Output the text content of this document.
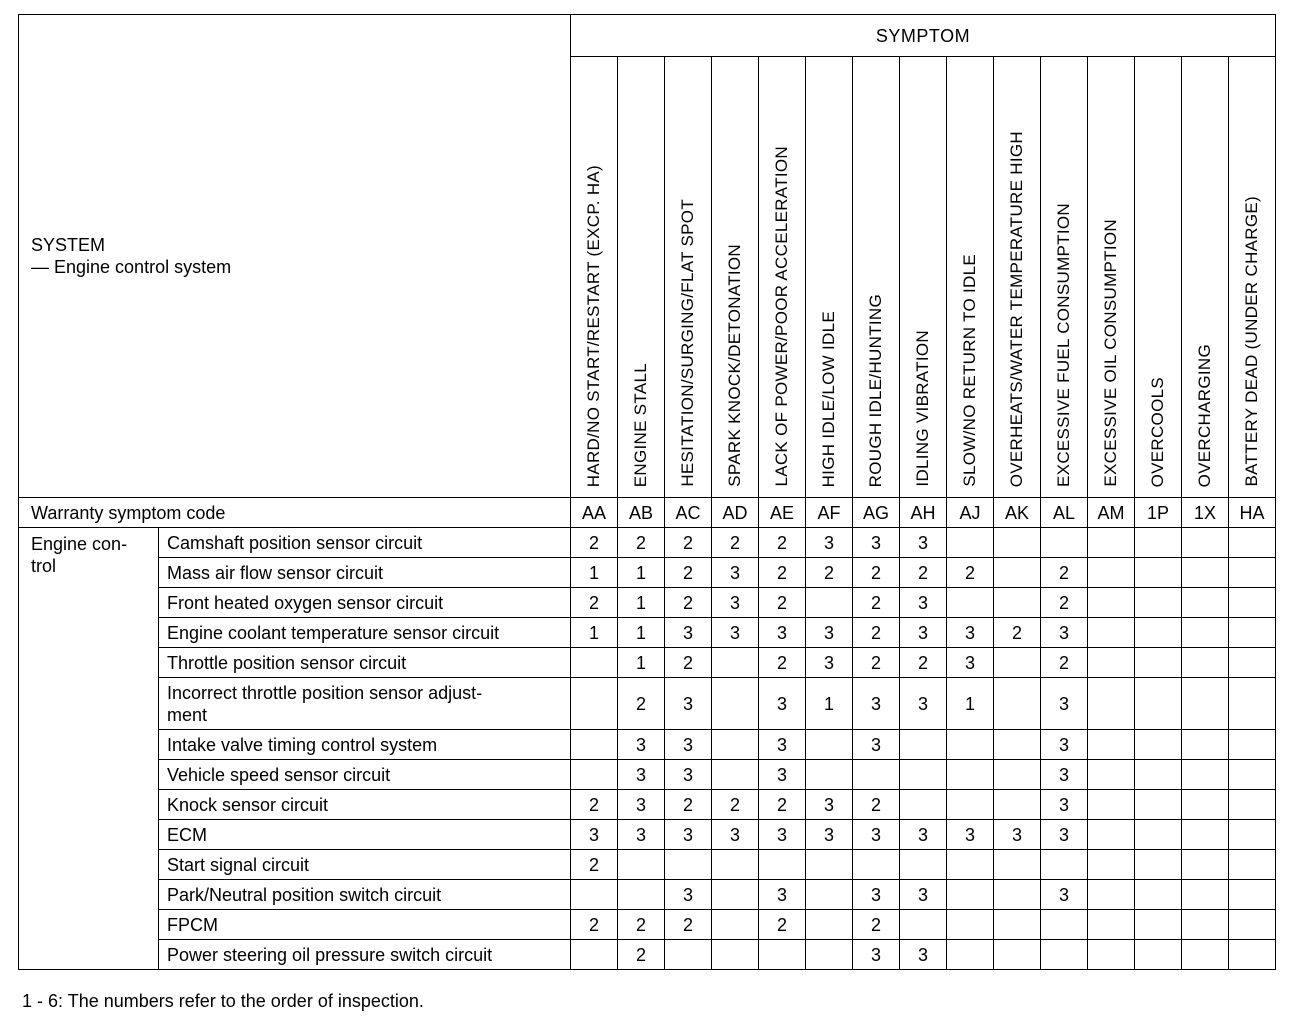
SYSTEM
— Engine control system		SYMPTOM														

		HARD/NO START/RESTART (EXCP. HA)	ENGINE STALL	HESITATION/SURGING/FLAT SPOT	SPARK KNOCK/DETONATION	LACK OF POWER/POOR ACCELERATION	HIGH IDLE/LOW IDLE	ROUGH IDLE/HUNTING	IDLING VIBRATION	SLOW/NO RETURN TO IDLE	OVERHEATS/WATER TEMPERATURE HIGH	EXCESSIVE FUEL CONSUMPTION	EXCESSIVE OIL CONSUMPTION	OVERCOOLS	OVERCHARGING	BATTERY DEAD (UNDER CHARGE)

Warranty symptom code		AA	AB	AC	AD	AE	AF	AG	AH	AJ	AK	AL	AM	1P	1X	HA
Engine con-
trol	Camshaft position sensor circuit	2	2	2	2	2	3	3	3							
	Mass air flow sensor circuit	1	1	2	3	2	2	2	2	2		2				
	Front heated oxygen sensor circuit	2	1	2	3	2		2	3			2				
	Engine coolant temperature sensor circuit	1	1	3	3	3	3	2	3	3	2	3				
	Throttle position sensor circuit		1	2		2	3	2	2	3		2				
	Incorrect throttle position sensor adjust-
ment		2	3		3	1	3	3	1		3				
	Intake valve timing control system		3	3		3		3				3				
	Vehicle speed sensor circuit		3	3		3						3				
	Knock sensor circuit	2	3	2	2	2	3	2				3				
	ECM	3	3	3	3	3	3	3	3	3	3	3				
	Start signal circuit	2														
	Park/Neutral position switch circuit			3		3		3	3			3				
	FPCM	2	2	2		2		2								
	Power steering oil pressure switch circuit		2					3	3							
1 - 6: The numbers refer to the order of inspection.
